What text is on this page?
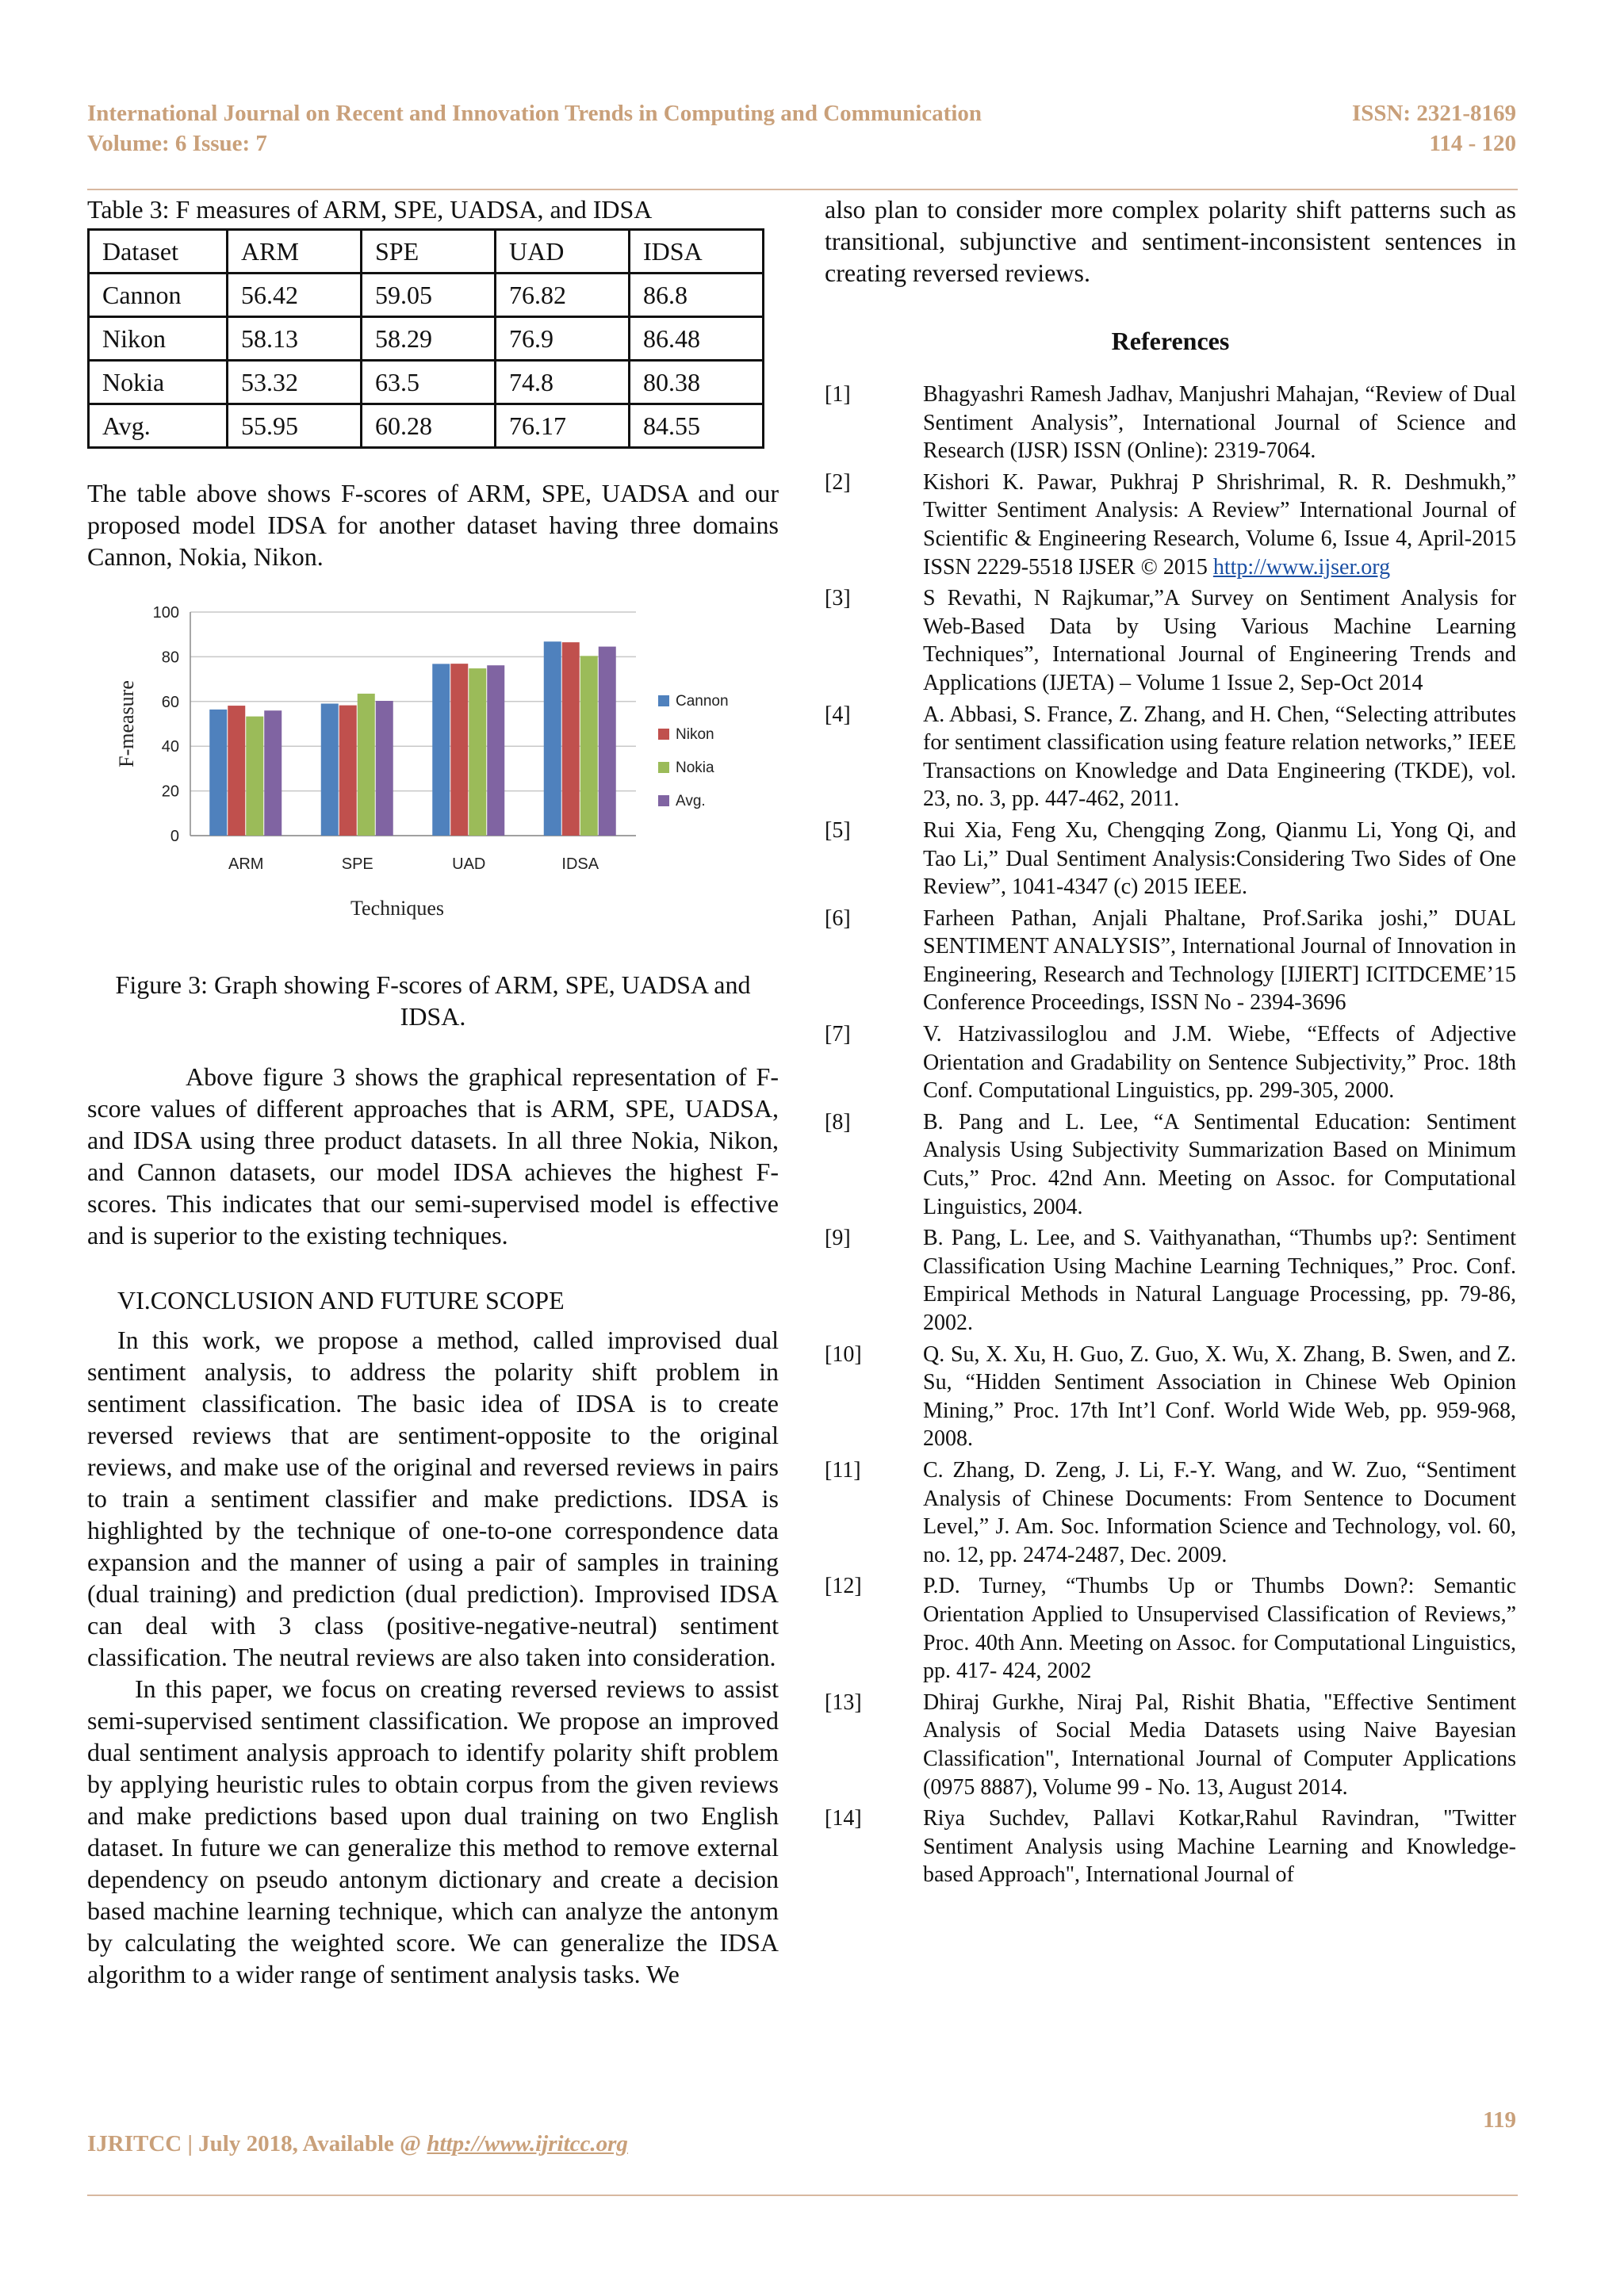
International Journal on Recent and Innovation Trends in Computing and Communication
Volume: 6 Issue: 7
ISSN: 2321-8169
114 - 120
Table 3: F measures of ARM, SPE, UADSA, and IDSA
Dataset	ARM	SPE	UAD	IDSA
Cannon	56.42	59.05	76.82	86.8
Nikon	58.13	58.29	76.9	86.48
Nokia	53.32	63.5	74.8	80.38
Avg.	55.95	60.28	76.17	84.55

The table above shows F-scores of ARM, SPE, UADSA and our proposed model IDSA for another dataset having three domains Cannon, Nokia, Nikon.

0
20
40
60
80
100
ARM	SPE	UAD	IDSA
Techniques
F-measure	Cannon
Nikon
Nokia
Avg.

Figure 3: Graph showing F-scores of ARM, SPE, UADSA and IDSA.

Above figure 3 shows the graphical representation of F-score values of different approaches that is ARM, SPE, UADSA, and IDSA using three product datasets. In all three Nokia, Nikon, and Cannon datasets, our model IDSA achieves the highest F-scores. This indicates that our semi-supervised model is effective and is superior to the existing techniques.

VI.CONCLUSION AND FUTURE SCOPE

In this work, we propose a method, called improvised dual sentiment analysis, to address the polarity shift problem in sentiment classification. The basic idea of IDSA is to create reversed reviews that are sentiment-opposite to the original reviews, and make use of the original and reversed reviews in pairs to train a sentiment classifier and make predictions. IDSA is highlighted by the technique of one-to-one correspondence data expansion and the manner of using a pair of samples in training (dual training) and prediction (dual prediction). Improvised IDSA can deal with 3 class (positive-negative-neutral) sentiment classification. The neutral reviews are also taken into consideration.

In this paper, we focus on creating reversed reviews to assist semi-supervised sentiment classification. We propose an improved dual sentiment analysis approach to identify polarity shift problem by applying heuristic rules to obtain corpus from the given reviews and make predictions based upon dual training on two English dataset. In future we can generalize this method to remove external dependency on pseudo antonym dictionary and create a decision based machine learning technique, which can analyze the antonym by calculating the weighted score. We can generalize the IDSA algorithm to a wider range of sentiment analysis tasks. We

also plan to consider more complex polarity shift patterns such as transitional, subjunctive and sentiment-inconsistent sentences in creating reversed reviews.

References
[1]	Bhagyashri Ramesh Jadhav, Manjushri Mahajan, “Review of Dual Sentiment Analysis”, International Journal of Science and Research (IJSR) ISSN (Online): 2319-7064.
[2]	Kishori K. Pawar, Pukhraj P Shrishrimal, R. R. Deshmukh,” Twitter Sentiment Analysis: A Review” International Journal of Scientific & Engineering Research, Volume 6, Issue 4, April-2015 ISSN 2229-5518 IJSER © 2015 http://www.ijser.org
[3]	S Revathi, N Rajkumar,”A Survey on Sentiment Analysis for Web-Based Data by Using Various Machine Learning Techniques”, International Journal of Engineering Trends and Applications (IJETA) – Volume 1 Issue 2, Sep-Oct 2014
[4]	A. Abbasi, S. France, Z. Zhang, and H. Chen, “Selecting attributes for sentiment classification using feature relation networks,” IEEE Transactions on Knowledge and Data Engineering (TKDE), vol. 23, no. 3, pp. 447-462, 2011.
[5]	Rui Xia, Feng Xu, Chengqing Zong, Qianmu Li, Yong Qi, and Tao Li,” Dual Sentiment Analysis:Considering Two Sides of One Review”, 1041-4347 (c) 2015 IEEE.
[6]	Farheen Pathan, Anjali Phaltane, Prof.Sarika joshi,” DUAL SENTIMENT ANALYSIS”, International Journal of Innovation in Engineering, Research and Technology [IJIERT] ICITDCEME’15 Conference Proceedings, ISSN No - 2394-3696
[7]	V. Hatzivassiloglou and J.M. Wiebe, “Effects of Adjective Orientation and Gradability on Sentence Subjectivity,” Proc. 18th Conf. Computational Linguistics, pp. 299-305, 2000.
[8]	B. Pang and L. Lee, “A Sentimental Education: Sentiment Analysis Using Subjectivity Summarization Based on Minimum Cuts,” Proc. 42nd Ann. Meeting on Assoc. for Computational Linguistics, 2004.
[9]	B. Pang, L. Lee, and S. Vaithyanathan, “Thumbs up?: Sentiment Classification Using Machine Learning Techniques,” Proc. Conf. Empirical Methods in Natural Language Processing, pp. 79-86, 2002.
[10]	Q. Su, X. Xu, H. Guo, Z. Guo, X. Wu, X. Zhang, B. Swen, and Z. Su, “Hidden Sentiment Association in Chinese Web Opinion Mining,” Proc. 17th Int’l Conf. World Wide Web, pp. 959-968, 2008.
[11]	C. Zhang, D. Zeng, J. Li, F.-Y. Wang, and W. Zuo, “Sentiment Analysis of Chinese Documents: From Sentence to Document Level,” J. Am. Soc. Information Science and Technology, vol. 60, no. 12, pp. 2474-2487, Dec. 2009.
[12]	P.D. Turney, “Thumbs Up or Thumbs Down?: Semantic Orientation Applied to Unsupervised Classification of Reviews,” Proc. 40th Ann. Meeting on Assoc. for Computational Linguistics, pp. 417- 424, 2002
[13]	Dhiraj Gurkhe, Niraj Pal, Rishit Bhatia, "Effective Sentiment Analysis of Social Media Datasets using Naive Bayesian Classification", International Journal of Computer Applications (0975 8887), Volume 99 - No. 13, August 2014.
[14]	Riya Suchdev, Pallavi Kotkar,Rahul Ravindran, "Twitter Sentiment Analysis using Machine Learning and Knowledge-based Approach", International Journal of
119
IJRITCC | July 2018, Available @ http://www.ijritcc.org
